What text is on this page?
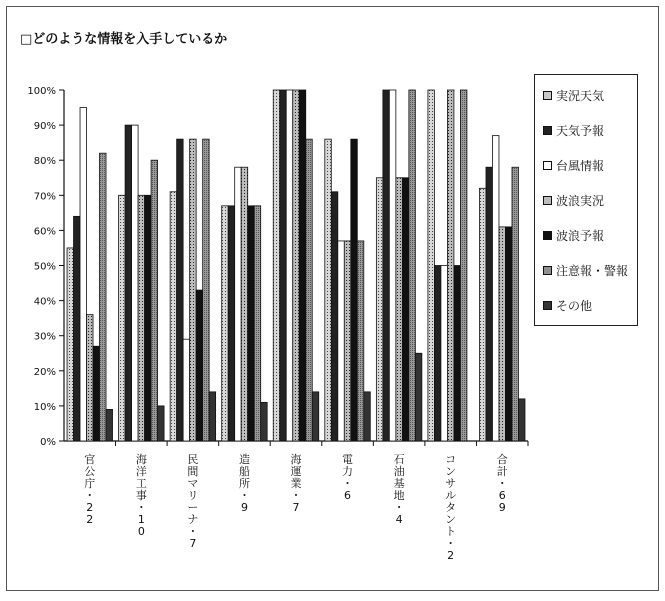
□どのような情報を入手しているか
0%
10%
20%
30%
40%
50%
60%
70%
80%
90%
100%
官公庁・ 2 2
海洋工事・ 1 0
民間マリーナ・ 7
造船所・ 9
海運業・ 7
電力・ 6
石油基地・ 4
コンサルタント・ 2
合計・ 6 9
実況天気
天気予報
台風情報
波浪実況
波浪予報
注意報・警報
その他
